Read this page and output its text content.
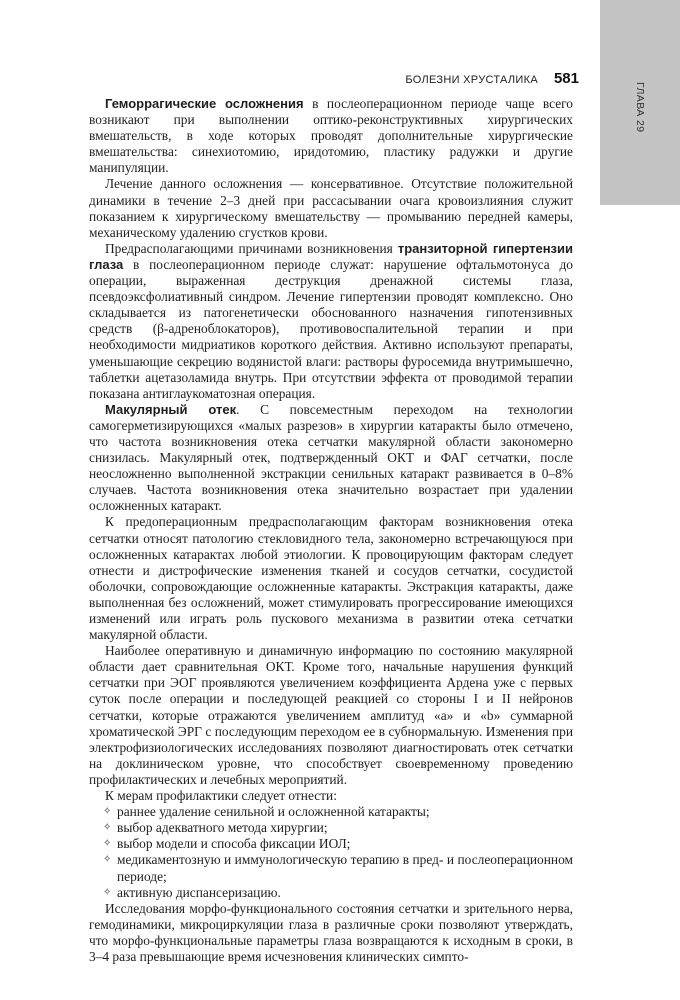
ГЛАВА 29
БОЛЕЗНИ ХРУСТАЛИКА 581

Геморрагические осложнения в послеоперационном периоде чаще всего возникают при выполнении оптико-реконструктивных хирургических вмешательств, в ходе которых проводят дополнительные хирургические вмешательства: синехиотомию, иридотомию, пластику радужки и другие манипуляции.

Лечение данного осложнения — консервативное. Отсутствие положительной динамики в течение 2–3 дней при рассасывании очага кровоизлияния служит показанием к хирургическому вмешательству — промыванию передней камеры, механическому удалению сгустков крови.

Предрасполагающими причинами возникновения транзиторной гипертензии глаза в послеоперационном периоде служат: нарушение офтальмотонуса до операции, выраженная деструкция дренажной системы глаза, псевдоэксфолиативный синдром. Лечение гипертензии проводят комплексно. Оно складывается из патогенетически обоснованного назначения гипотензивных средств (β-адреноблокаторов), противовоспалительной терапии и при необходимости мидриатиков короткого действия. Активно используют препараты, уменьшающие секрецию водянистой влаги: растворы фуросемида внутримышечно, таблетки ацетазоламида внутрь. При отсутствии эффекта от проводимой терапии показана антиглаукоматозная операция.

Макулярный отек. С повсеместным переходом на технологии самогерметизирующихся «малых разрезов» в хирургии катаракты было отмечено, что частота возникновения отека сетчатки макулярной области закономерно снизилась. Макулярный отек, подтвержденный ОКТ и ФАГ сетчатки, после неосложненно выполненной экстракции сенильных катаракт развивается в 0–8% случаев. Частота возникновения отека значительно возрастает при удалении осложненных катаракт.

К предоперационным предрасполагающим факторам возникновения отека сетчатки относят патологию стекловидного тела, закономерно встречающуюся при осложненных катарактах любой этиологии. К провоцирующим факторам следует отнести и дистрофические изменения тканей и сосудов сетчатки, сосудистой оболочки, сопровождающие осложненные катаракты. Экстракция катаракты, даже выполненная без осложнений, может стимулировать прогрессирование имеющихся изменений или играть роль пускового механизма в развитии отека сетчатки макулярной области.

Наиболее оперативную и динамичную информацию по состоянию макулярной области дает сравнительная ОКТ. Кроме того, начальные нарушения функций сетчатки при ЭОГ проявляются увеличением коэффициента Ардена уже с первых суток после операции и последующей реакцией со стороны I и II нейронов сетчатки, которые отражаются увеличением амплитуд «a» и «b» суммарной хроматической ЭРГ с последующим переходом ее в субнормальную. Изменения при электрофизиологических исследованиях позволяют диагностировать отек сетчатки на доклиническом уровне, что способствует своевременному проведению профилактических и лечебных мероприятий.

К мерам профилактики следует отнести:

✧ раннее удаление сенильной и осложненной катаракты;
✧ выбор адекватного метода хирургии;
✧ выбор модели и способа фиксации ИОЛ;
✧ медикаментозную и иммунологическую терапию в пред- и послеоперационном периоде;
✧ активную диспансеризацию.

Исследования морфо-функционального состояния сетчатки и зрительного нерва, гемодинамики, микроциркуляции глаза в различные сроки позволяют утверждать, что морфо-функциональные параметры глаза возвращаются к исходным в сроки, в 3–4 раза превышающие время исчезновения клинических симпто-
